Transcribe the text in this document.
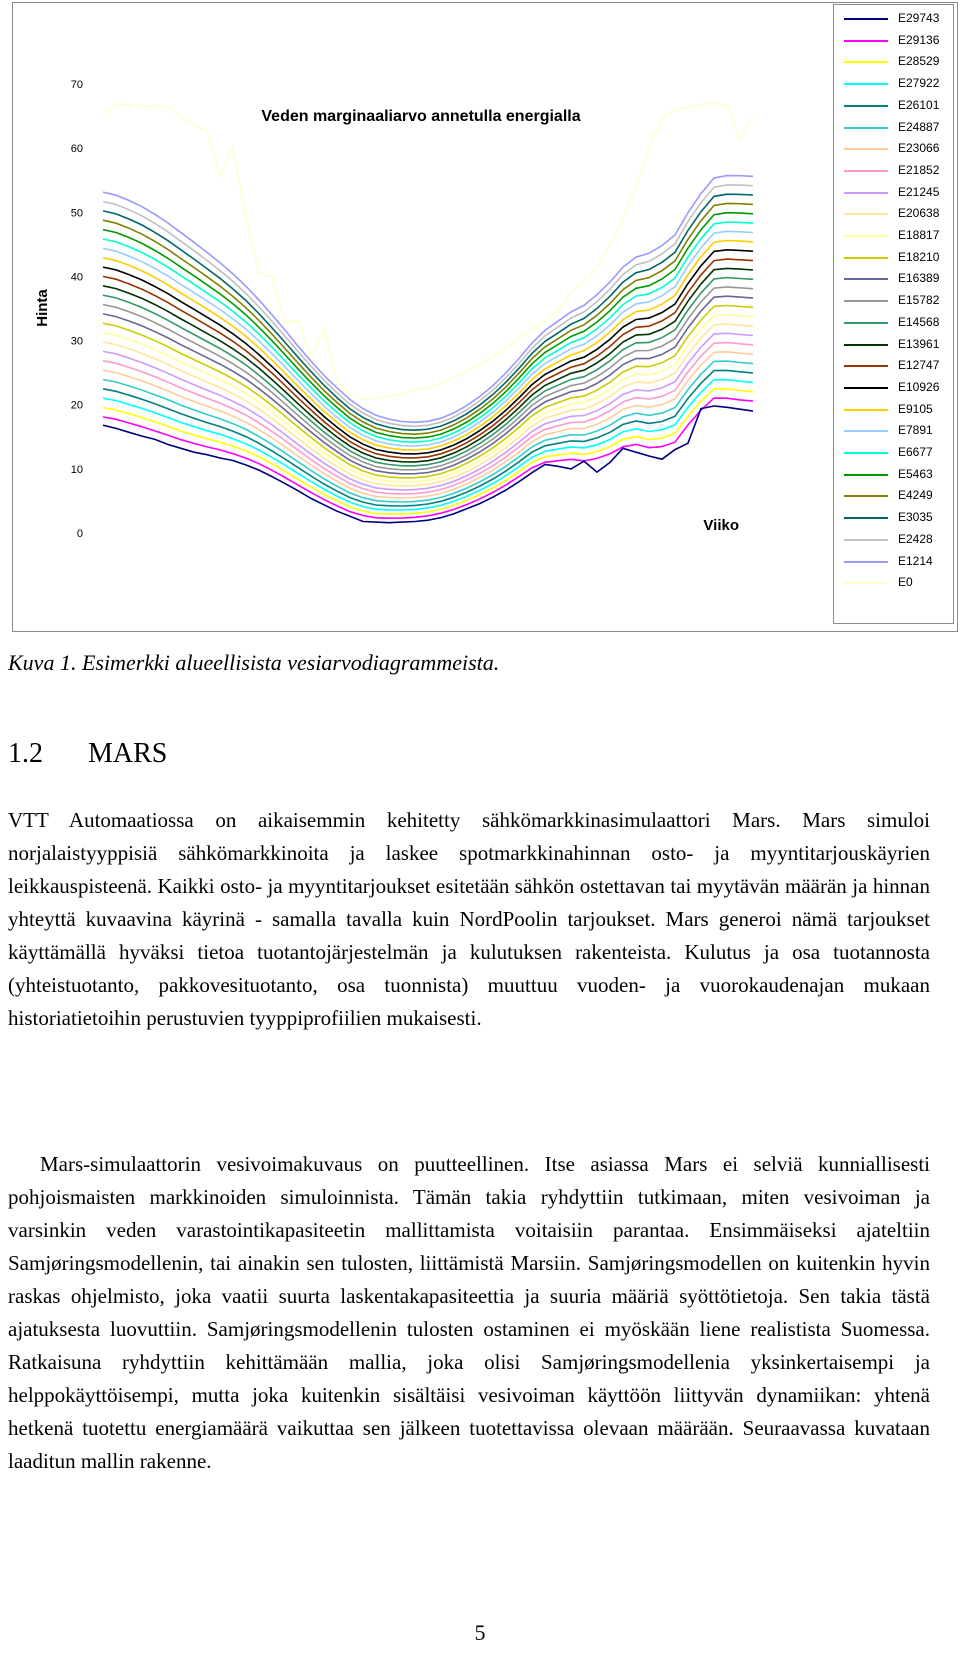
0
10
20
30
40
50
60
70
Hinta
Viiko
Veden marginaaliarvo annetulla energialla
E29743
E29136
E28529
E27922
E26101
E24887
E23066
E21852
E21245
E20638
E18817
E18210
E16389
E15782
E14568
E13961
E12747
E10926
E9105
E7891
E6677
E5463
E4249
E3035
E2428
E1214
E0
Kuva 1. Esimerkki alueellisista vesiarvodiagrammeista.
1.2 MARS

VTT Automaatiossa on aikaisemmin kehitetty sähkömarkkinasimulaattori Mars. Mars simuloi norjalaistyyppisiä sähkömarkkinoita ja laskee spotmarkkinahinnan osto- ja myyntitarjouskäyrien leikkauspisteenä. Kaikki osto- ja myyntitarjoukset esitetään sähkön ostettavan tai myytävän määrän ja hinnan yhteyttä kuvaavina käyrinä - samalla tavalla kuin NordPoolin tarjoukset. Mars generoi nämä tarjoukset käyttämällä hyväksi tietoa tuotantojärjestelmän ja kulutuksen rakenteista. Kulutus ja osa tuotannosta (yhteistuotanto, pakkovesituotanto, osa tuonnista) muuttuu vuoden- ja vuorokaudenajan mukaan historiatietoihin perustuvien tyyppiprofiilien mukaisesti.

Mars-simulaattorin vesivoimakuvaus on puutteellinen. Itse asiassa Mars ei selviä kunniallisesti pohjoismaisten markkinoiden simuloinnista. Tämän takia ryhdyttiin tutkimaan, miten vesivoiman ja varsinkin veden varastointikapasiteetin mallittamista voitaisiin parantaa. Ensimmäiseksi ajateltiin Samjøringsmodellenin, tai ainakin sen tulosten, liittämistä Marsiin. Samjøringsmodellen on kuitenkin hyvin raskas ohjelmisto, joka vaatii suurta laskentakapasiteettia ja suuria määriä syöttötietoja. Sen takia tästä ajatuksesta luovuttiin. Samjøringsmodellenin tulosten ostaminen ei myöskään liene realistista Suomessa. Ratkaisuna ryhdyttiin kehittämään mallia, joka olisi Samjøringsmodellenia yksinkertaisempi ja helppokäyttöisempi, mutta joka kuitenkin sisältäisi vesivoiman käyttöön liittyvän dynamiikan: yhtenä hetkenä tuotettu energiamäärä vaikuttaa sen jälkeen tuotettavissa olevaan määrään. Seuraavassa kuvataan laaditun mallin rakenne.

5
